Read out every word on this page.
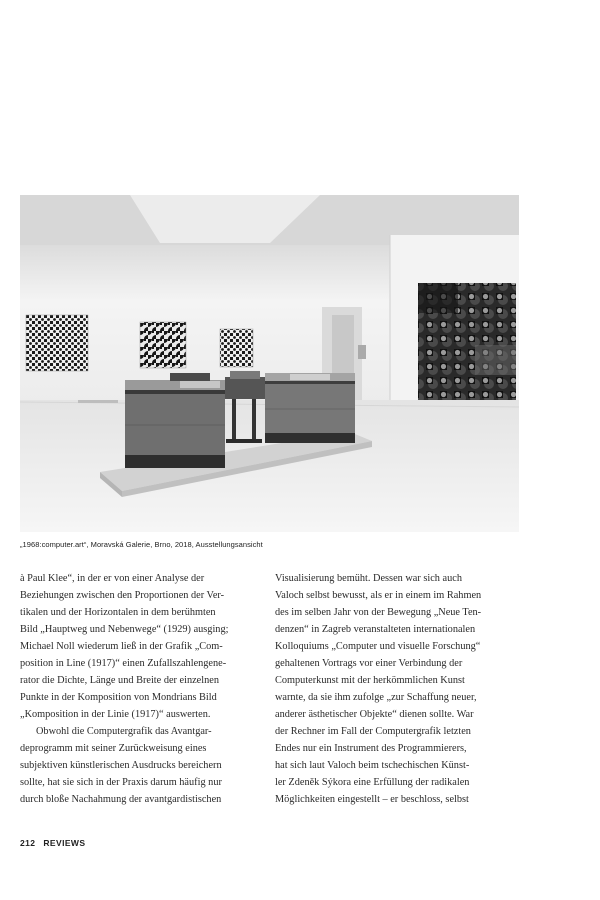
„1968:computer.art“, Moravská Galerie, Brno, 2018, Ausstellungsansicht
à Paul Klee“, in der er von einer Analyse der
Beziehungen zwischen den Proportionen der Ver-
tikalen und der Horizontalen in dem berühmten
Bild „Hauptweg und Nebenwege“ (1929) ausging;
Michael Noll wiederum ließ in der Grafik „Com-
position in Line (1917)“ einen Zufallszahlengene-
rator die Dichte, Länge und Breite der einzelnen
Punkte in der Komposition von Mondrians Bild
„Komposition in der Linie (1917)“ auswerten.
Obwohl die Computergrafik das Avantgar-
deprogramm mit seiner Zurückweisung eines
subjektiven künstlerischen Ausdrucks bereichern
sollte, hat sie sich in der Praxis darum häufig nur
durch bloße Nachahmung der avantgardistischen
Visualisierung bemüht. Dessen war sich auch
Valoch selbst bewusst, als er in einem im Rahmen
des im selben Jahr von der Bewegung „Neue Ten-
denzen“ in Zagreb veranstalteten internationalen
Kolloquiums „Computer und visuelle Forschung“
gehaltenen Vortrags vor einer Verbindung der
Computerkunst mit der herkömmlichen Kunst
warnte, da sie ihm zufolge „zur Schaffung neuer,
anderer ästhetischer Objekte“ dienen sollte. War
der Rechner im Fall der Computergrafik letzten
Endes nur ein Instrument des Programmierers,
hat sich laut Valoch beim tschechischen Künst-
ler Zdeněk Sýkora eine Erfüllung der radikalen
Möglichkeiten eingestellt – er beschloss, selbst
212 REVIEWS
